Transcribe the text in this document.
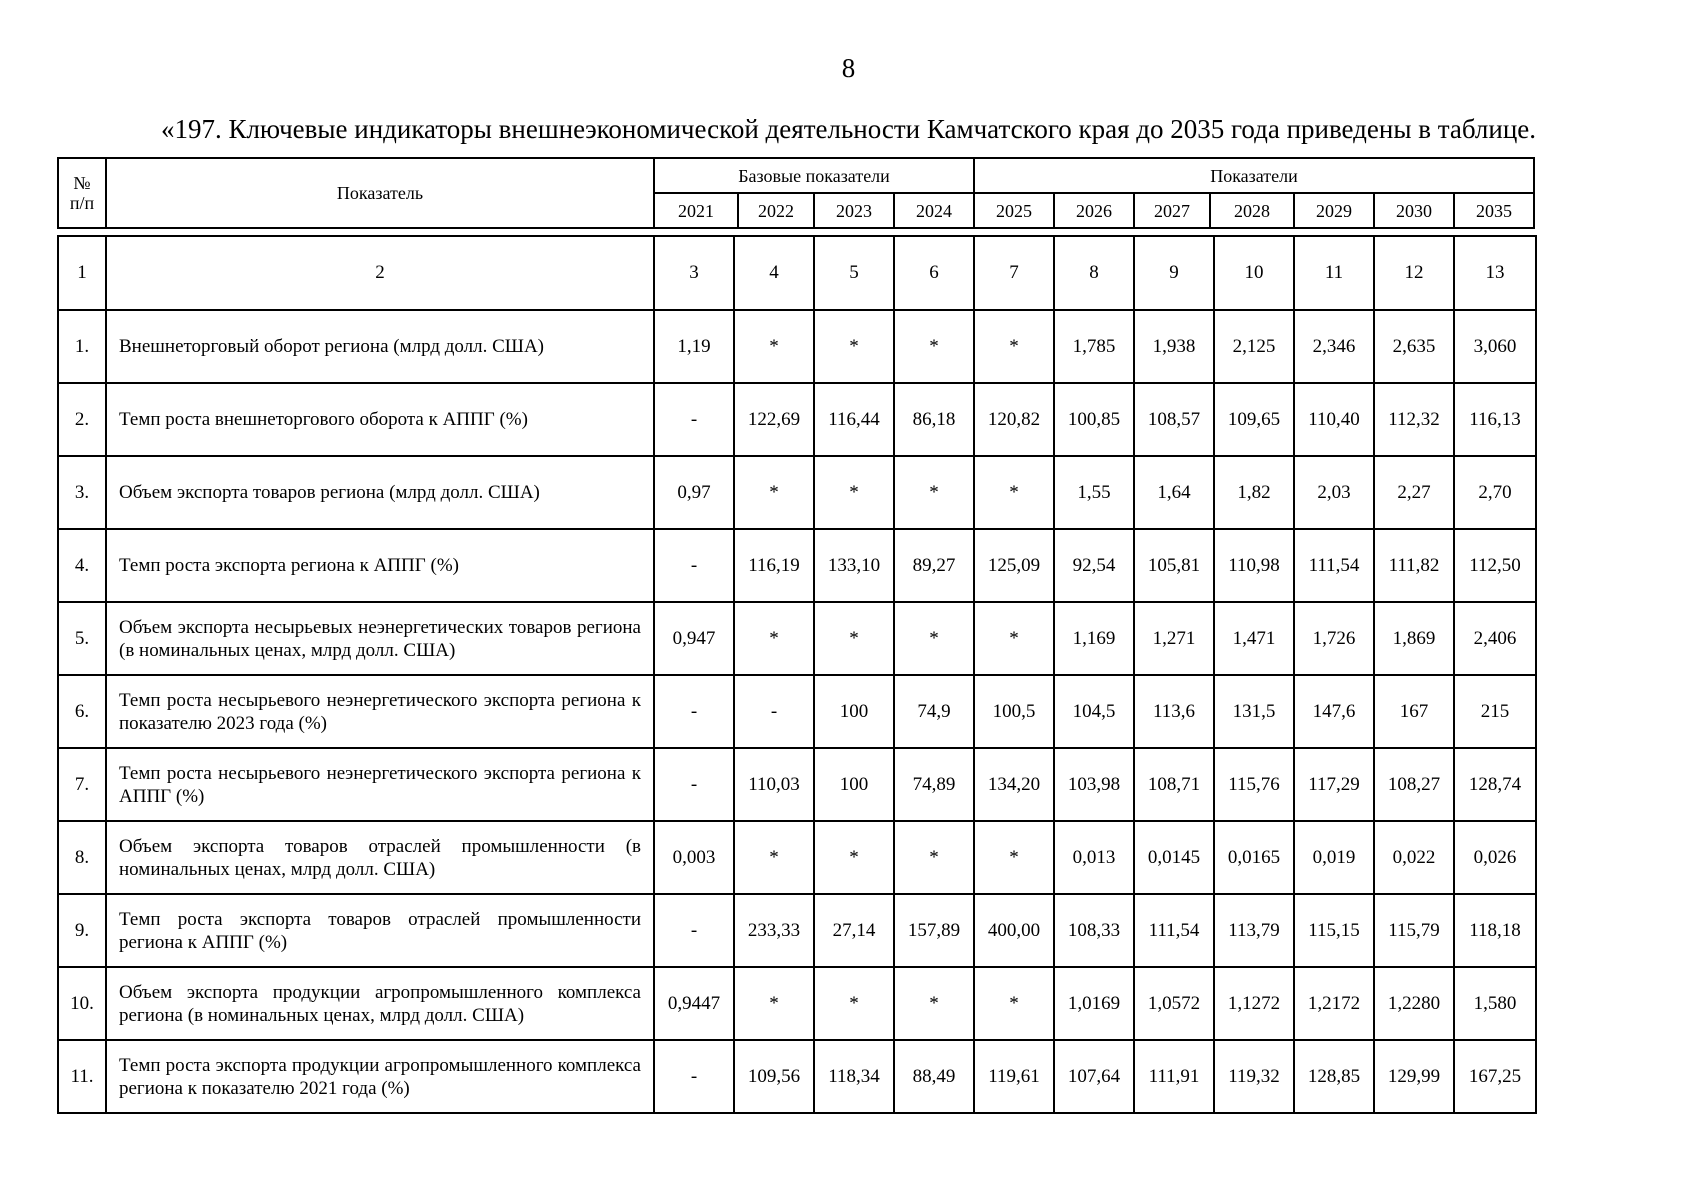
8
«197. Ключевые индикаторы внешнеэкономической деятельности Камчатского края до 2035 года приведены в таблице.
№
п/п	Показатель	Базовые показатели				Показатели						
		2021	2022	2023	2024	2025	2026	2027	2028	2029	2030	2035
1	2	3	4	5	6	7	8	9	10	11	12	13
1.	Внешнеторговый оборот региона (млрд долл. США)	1,19	*	*	*	*	1,785	1,938	2,125	2,346	2,635	3,060
2.	Темп роста внешнеторгового оборота к АППГ (%)	-	122,69	116,44	86,18	120,82	100,85	108,57	109,65	110,40	112,32	116,13
3.	Объем экспорта товаров региона (млрд долл. США)	0,97	*	*	*	*	1,55	1,64	1,82	2,03	2,27	2,70
4.	Темп роста экспорта региона к АППГ (%)	-	116,19	133,10	89,27	125,09	92,54	105,81	110,98	111,54	111,82	112,50
5.	Объем экспорта несырьевых неэнергетических товаров региона (в номинальных ценах, млрд долл. США)	0,947	*	*	*	*	1,169	1,271	1,471	1,726	1,869	2,406
6.	Темп роста несырьевого неэнергетического экспорта региона к показателю 2023 года (%)	-	-	100	74,9	100,5	104,5	113,6	131,5	147,6	167	215
7.	Темп роста несырьевого неэнергетического экспорта региона к АППГ (%)	-	110,03	100	74,89	134,20	103,98	108,71	115,76	117,29	108,27	128,74
8.	Объем экспорта товаров отраслей промышленности (в номинальных ценах, млрд долл. США)	0,003	*	*	*	*	0,013	0,0145	0,0165	0,019	0,022	0,026
9.	Темп роста экспорта товаров отраслей промышленности региона к АППГ (%)	-	233,33	27,14	157,89	400,00	108,33	111,54	113,79	115,15	115,79	118,18
10.	Объем экспорта продукции агропромышленного комплекса региона (в номинальных ценах, млрд долл. США)	0,9447	*	*	*	*	1,0169	1,0572	1,1272	1,2172	1,2280	1,580
11.	Темп роста экспорта продукции агропромышленного комплекса региона к показателю 2021 года (%)	-	109,56	118,34	88,49	119,61	107,64	111,91	119,32	128,85	129,99	167,25
